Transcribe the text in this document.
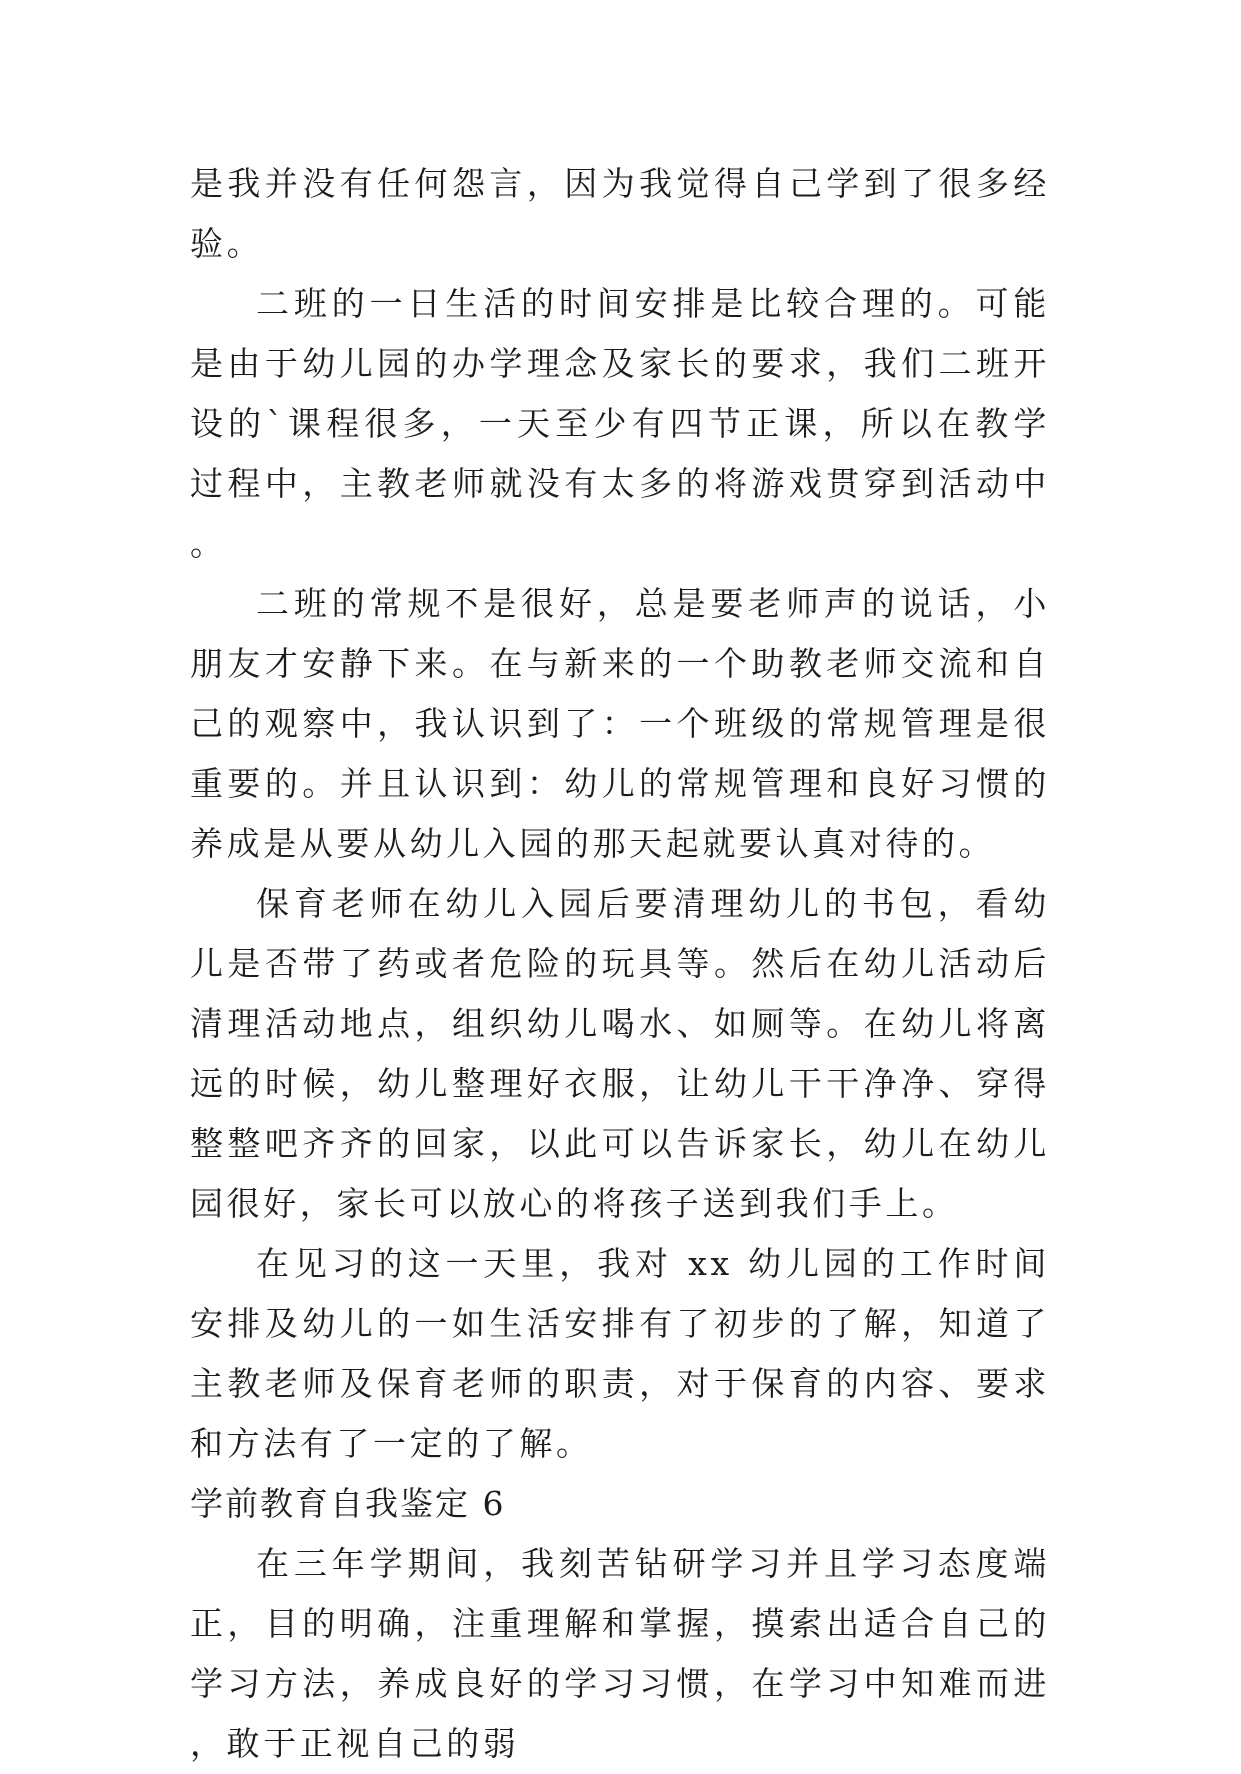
是我并没有任何怨言，因为我觉得自己学到了很多经验。

二班的一日生活的时间安排是比较合理的。可能是由于幼儿园的办学理念及家长的要求，我们二班开设的`课程很多，一天至少有四节正课，所以在教学过程中，主教老师就没有太多的将游戏贯穿到活动中。

二班的常规不是很好，总是要老师声的说话，小朋友才安静下来。在与新来的一个助教老师交流和自己的观察中，我认识到了：一个班级的常规管理是很重要的。并且认识到：幼儿的常规管理和良好习惯的养成是从要从幼儿入园的那天起就要认真对待的。

保育老师在幼儿入园后要清理幼儿的书包，看幼儿是否带了药或者危险的玩具等。然后在幼儿活动后清理活动地点，组织幼儿喝水、如厕等。在幼儿将离远的时候，幼儿整理好衣服，让幼儿干干净净、穿得整整吧齐齐的回家，以此可以告诉家长，幼儿在幼儿园很好，家长可以放心的将孩子送到我们手上。

在见习的这一天里，我对 xx 幼儿园的工作时间安排及幼儿的一如生活安排有了初步的了解，知道了主教老师及保育老师的职责，对于保育的内容、要求和方法有了一定的了解。

学前教育自我鉴定 6

在三年学期间，我刻苦钻研学习并且学习态度端正，目的明确，注重理解和掌握，摸索出适合自己的学习方法，养成良好的学习习惯，在学习中知难而进，敢于正视自己的弱
